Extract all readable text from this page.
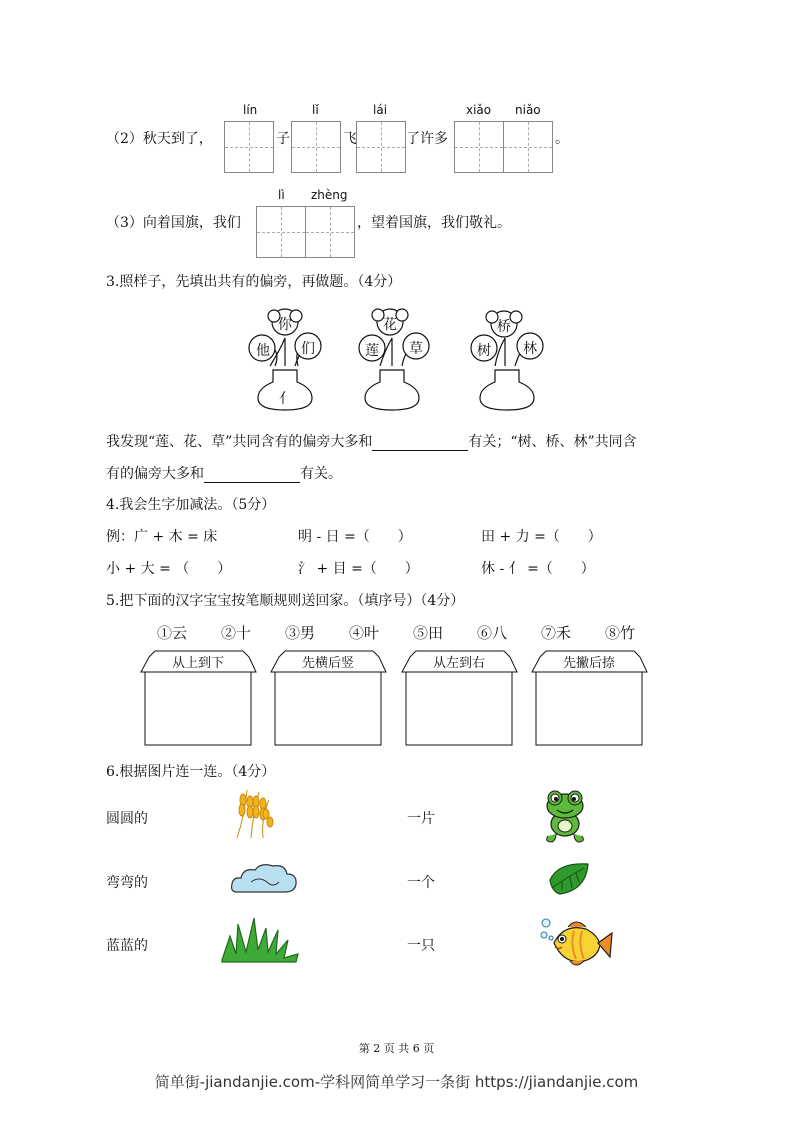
（2）秋天到了，
lín
子
lǐ
飞
lái
了许多
xiǎo niǎo
。
（3）向着国旗，我们
lì zhèng
，望着国旗，我们敬礼。
3.照样子，先填出共有的偏旁，再做题。（4分）
你
他 们
亻
花
莲 草
桥
树 林
我发现“莲、花、草”共同含有的偏旁大多和	有关；“树、桥、林”共同含
有的偏旁大多和	有关。
4.我会生字加减法。（5分）
例：广 + 木 = 床	明 - 日 =（　　）	田 + 力 =（　　）
小 + 大 = （　　）	氵 + 目 =（　　）	休 - 亻 =（　　）
5.把下面的汉字宝宝按笔顺规则送回家。（填序号）（4分）
①云 ②十 ③男 ④叶 ⑤田 ⑥八 ⑦禾 ⑧竹
从上到下	先横后竖	从左到右	先撇后捺
6.根据图片连一连。（4分）
圆圆的
弯弯的
蓝蓝的
一片
一个
一只
第 2 页 共 6 页
简单街-jiandanjie.com-学科网简单学习一条街 https://jiandanjie.com
